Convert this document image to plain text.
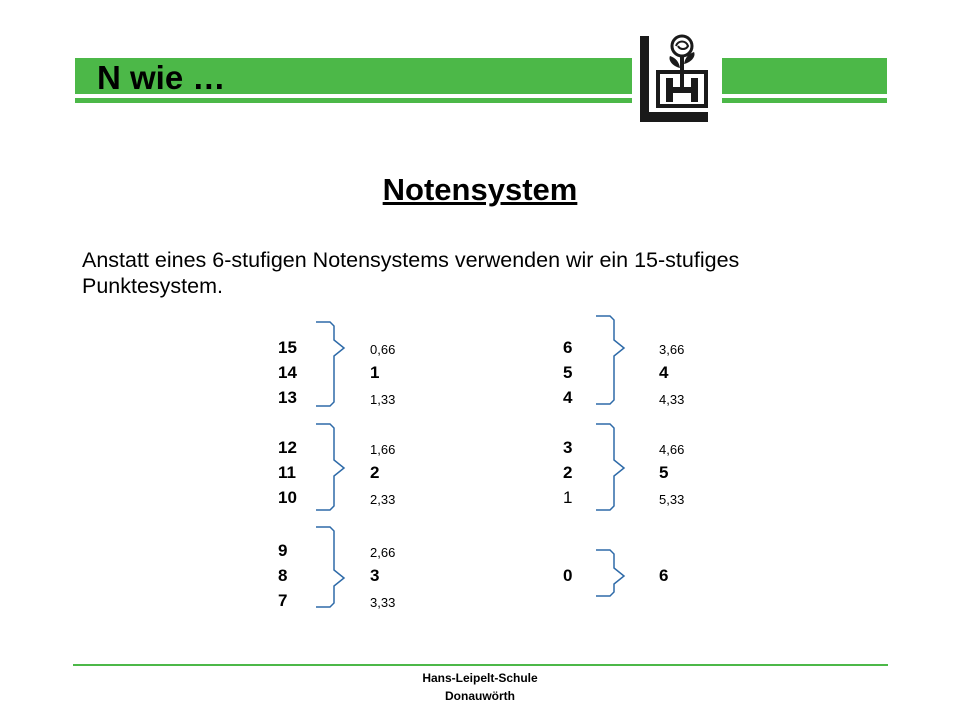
N wie …
Notensystem
Anstatt eines 6-stufigen Notensystems verwenden wir ein 15-stufiges Punktesystem.
15
14
13
12
11
10
9
8
7
0,66
1
1,33
1,66
2
2,33
2,66
3
3,33
6
5
4
3
2
1
0
3,66
4
4,33
4,66
5
5,33
6
Hans-Leipelt-Schule
Donauwörth
